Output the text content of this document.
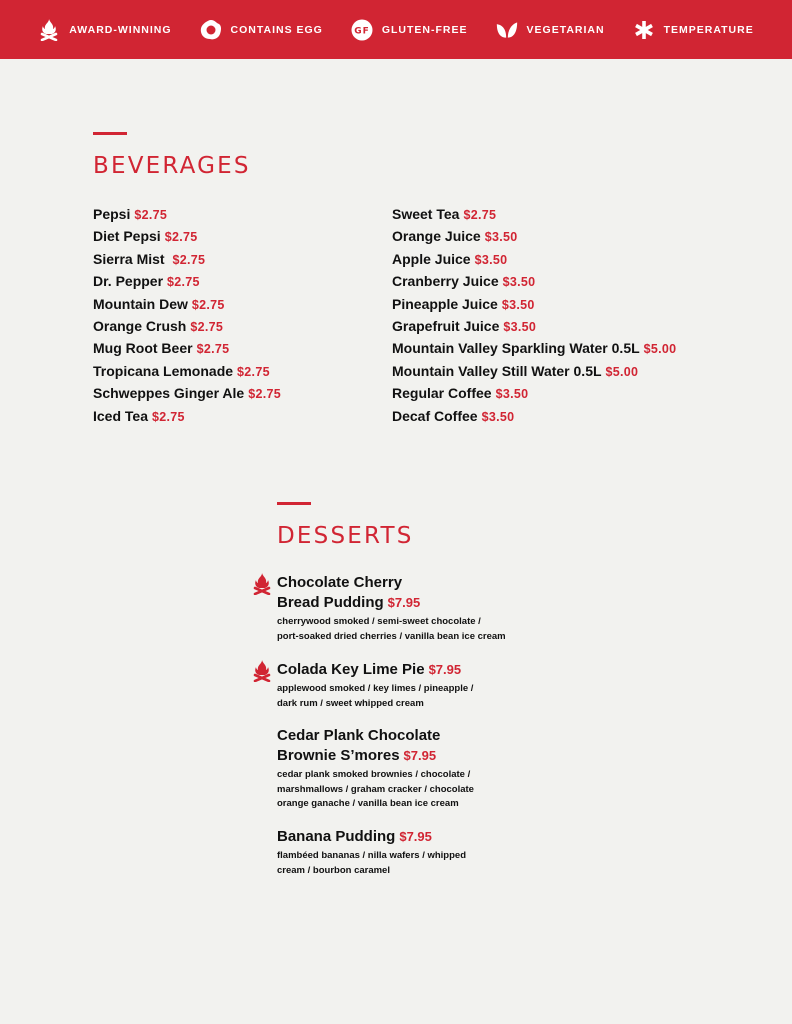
AWARD-WINNING	CONTAINS EGG	GF GLUTEN-FREE	VEGETARIAN	TEMPERATURE
BEVERAGES
Pepsi $2.75
Diet Pepsi $2.75
Sierra Mist $2.75
Dr. Pepper $2.75
Mountain Dew $2.75
Orange Crush $2.75
Mug Root Beer $2.75
Tropicana Lemonade $2.75
Schweppes Ginger Ale $2.75
Iced Tea $2.75
Sweet Tea $2.75
Orange Juice $3.50
Apple Juice $3.50
Cranberry Juice $3.50
Pineapple Juice $3.50
Grapefruit Juice $3.50
Mountain Valley Sparkling Water 0.5L $5.00
Mountain Valley Still Water 0.5L $5.00
Regular Coffee $3.50
Decaf Coffee $3.50
DESSERTS
Chocolate Cherry
Bread Pudding $7.95
cherrywood smoked / semi-sweet chocolate /
port-soaked dried cherries / vanilla bean ice cream
Colada Key Lime Pie $7.95
applewood smoked / key limes / pineapple /
dark rum / sweet whipped cream
Cedar Plank Chocolate
Brownie S’mores $7.95
cedar plank smoked brownies / chocolate /
marshmallows / graham cracker / chocolate
orange ganache / vanilla bean ice cream
Banana Pudding $7.95
flambéed bananas / nilla wafers / whipped
cream / bourbon caramel
